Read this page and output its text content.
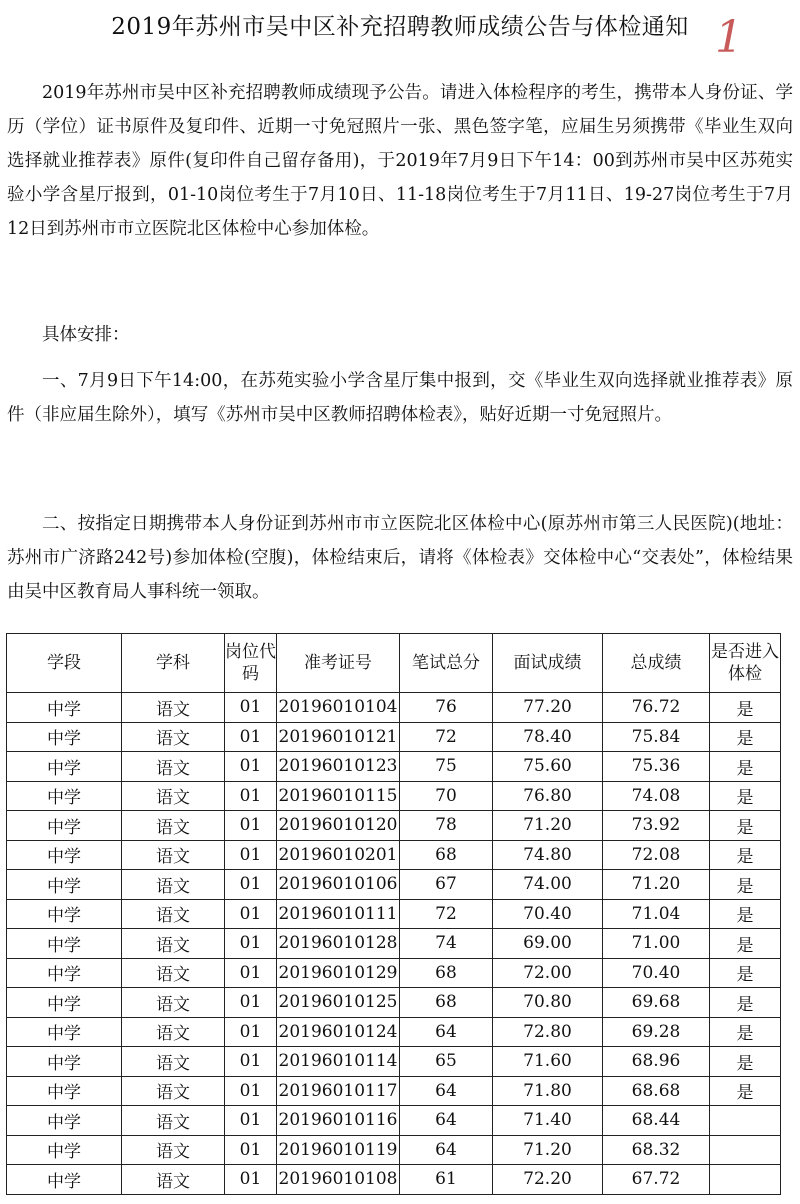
2019年苏州市吴中区补充招聘教师成绩公告与体检通知 1

2019年苏州市吴中区补充招聘教师成绩现予公告。请进入体检程序的考生，携带本人身份证、学历（学位）证书原件及复印件、近期一寸免冠照片一张、黑色签字笔，应届生另须携带《毕业生双向选择就业推荐表》原件(复印件自己留存备用)，于2019年7月9日下午14：00到苏州市吴中区苏苑实验小学含星厅报到，01-10岗位考生于7月10日、11-18岗位考生于7月11日、19-27岗位考生于7月12日到苏州市市立医院北区体检中心参加体检。

具体安排：

一、7月9日下午14:00，在苏苑实验小学含星厅集中报到，交《毕业生双向选择就业推荐表》原件（非应届生除外），填写《苏州市吴中区教师招聘体检表》，贴好近期一寸免冠照片。

二、按指定日期携带本人身份证到苏州市市立医院北区体检中心(原苏州市第三人民医院)(地址：苏州市广济路242号)参加体检(空腹)，体检结束后，请将《体检表》交体检中心“交表处”，体检结果由吴中区教育局人事科统一领取。

学段	学科	岗位代码	准考证号	笔试总分	面试成绩	总成绩	是否进入体检
中学	语文	01	20196010104	76	77.20	76.72	是
中学	语文	01	20196010121	72	78.40	75.84	是
中学	语文	01	20196010123	75	75.60	75.36	是
中学	语文	01	20196010115	70	76.80	74.08	是
中学	语文	01	20196010120	78	71.20	73.92	是
中学	语文	01	20196010201	68	74.80	72.08	是
中学	语文	01	20196010106	67	74.00	71.20	是
中学	语文	01	20196010111	72	70.40	71.04	是
中学	语文	01	20196010128	74	69.00	71.00	是
中学	语文	01	20196010129	68	72.00	70.40	是
中学	语文	01	20196010125	68	70.80	69.68	是
中学	语文	01	20196010124	64	72.80	69.28	是
中学	语文	01	20196010114	65	71.60	68.96	是
中学	语文	01	20196010117	64	71.80	68.68	是
中学	语文	01	20196010116	64	71.40	68.44	
中学	语文	01	20196010119	64	71.20	68.32	
中学	语文	01	20196010108	61	72.20	67.72	
